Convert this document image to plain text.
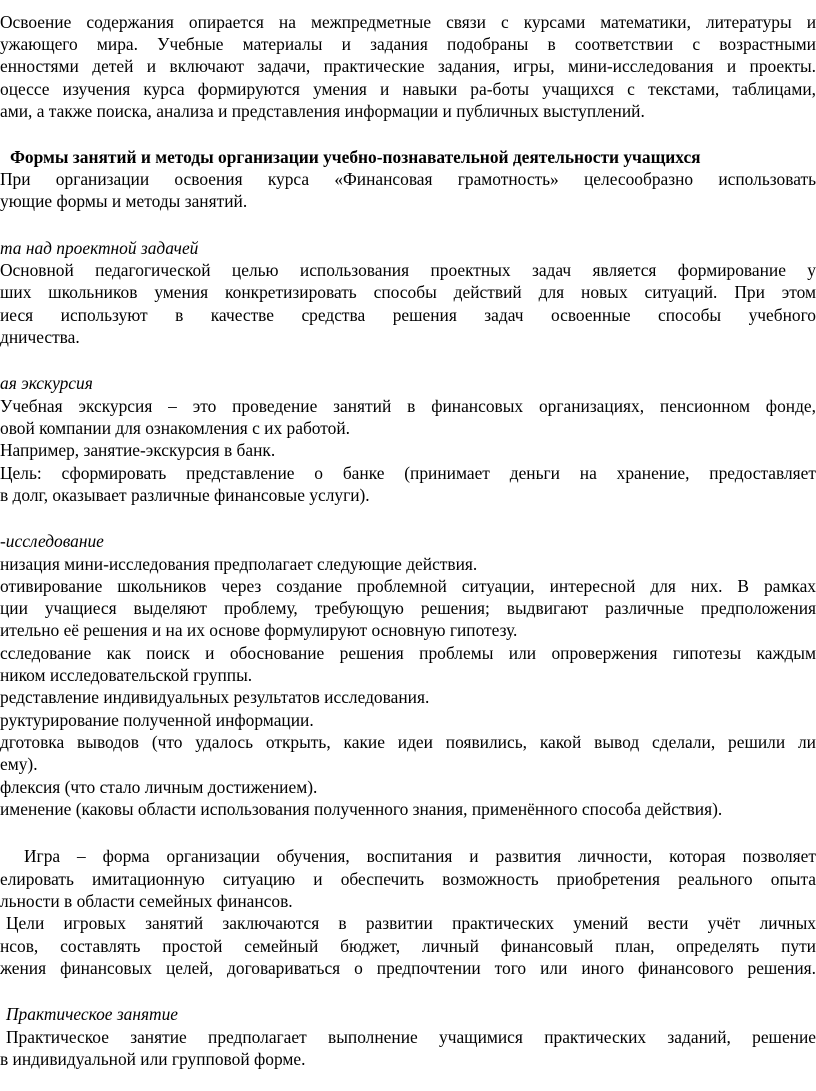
Освоение содержания опирается на межпредметные связи с курсами математики, литературы и
ужающего мира. Учебные материалы и задания подобраны в соответствии с возрастными
енностями детей и включают задачи, практические задания, игры, мини-исследования и проекты.
оцессе изучения курса формируются умения и навыки ра-боты учащихся с текстами, таблицами,
ами, а также поиска, анализа и представления информации и публичных выступлений.
Формы занятий и методы организации учебно-познавательной деятельности учащихся
При организации освоения курса «Финансовая грамотность» целесообразно использовать
ующие формы и методы занятий.
та над проектной задачей
Основной педагогической целью использования проектных задач является формирование у
ших школьников умения конкретизировать способы действий для новых ситуаций. При этом
иеся используют в качестве средства решения задач освоенные способы учебного
дничества.
ая экскурсия
Учебная экскурсия – это проведение занятий в финансовых организациях, пенсионном фонде,
овой компании для ознакомления с их работой.
Например, занятие-экскурсия в банк.
Цель: сформировать представление о банке (принимает деньги на хранение, предоставляет
в долг, оказывает различные финансовые услуги).
-исследование
низация мини-исследования предполагает следующие действия.
отивирование школьников через создание проблемной ситуации, интересной для них. В рамках
ции учащиеся выделяют проблему, требующую решения; выдвигают различные предположения
ительно её решения и на их основе формулируют основную гипотезу.
сследование как поиск и обоснование решения проблемы или опровержения гипотезы каждым
ником исследовательской группы.
редставление индивидуальных результатов исследования.
руктурирование полученной информации.
дготовка выводов (что удалось открыть, какие идеи появились, какой вывод сделали, решили ли
ему).
флексия (что стало личным достижением).
именение (каковы области использования полученного знания, применённого способа действия).
Игра – форма организации обучения, воспитания и развития личности, которая позволяет
елировать имитационную ситуацию и обеспечить возможность приобретения реального опыта
льности в области семейных финансов.
Цели игровых занятий заключаются в развитии практических умений вести учёт личных
нсов, составлять простой семейный бюджет, личный финансовый план, определять пути
жения финансовых целей, договариваться о предпочтении того или иного финансового решения.
Практическое занятие
Практическое занятие предполагает выполнение учащимися практических заданий, решение
в индивидуальной или групповой форме.
